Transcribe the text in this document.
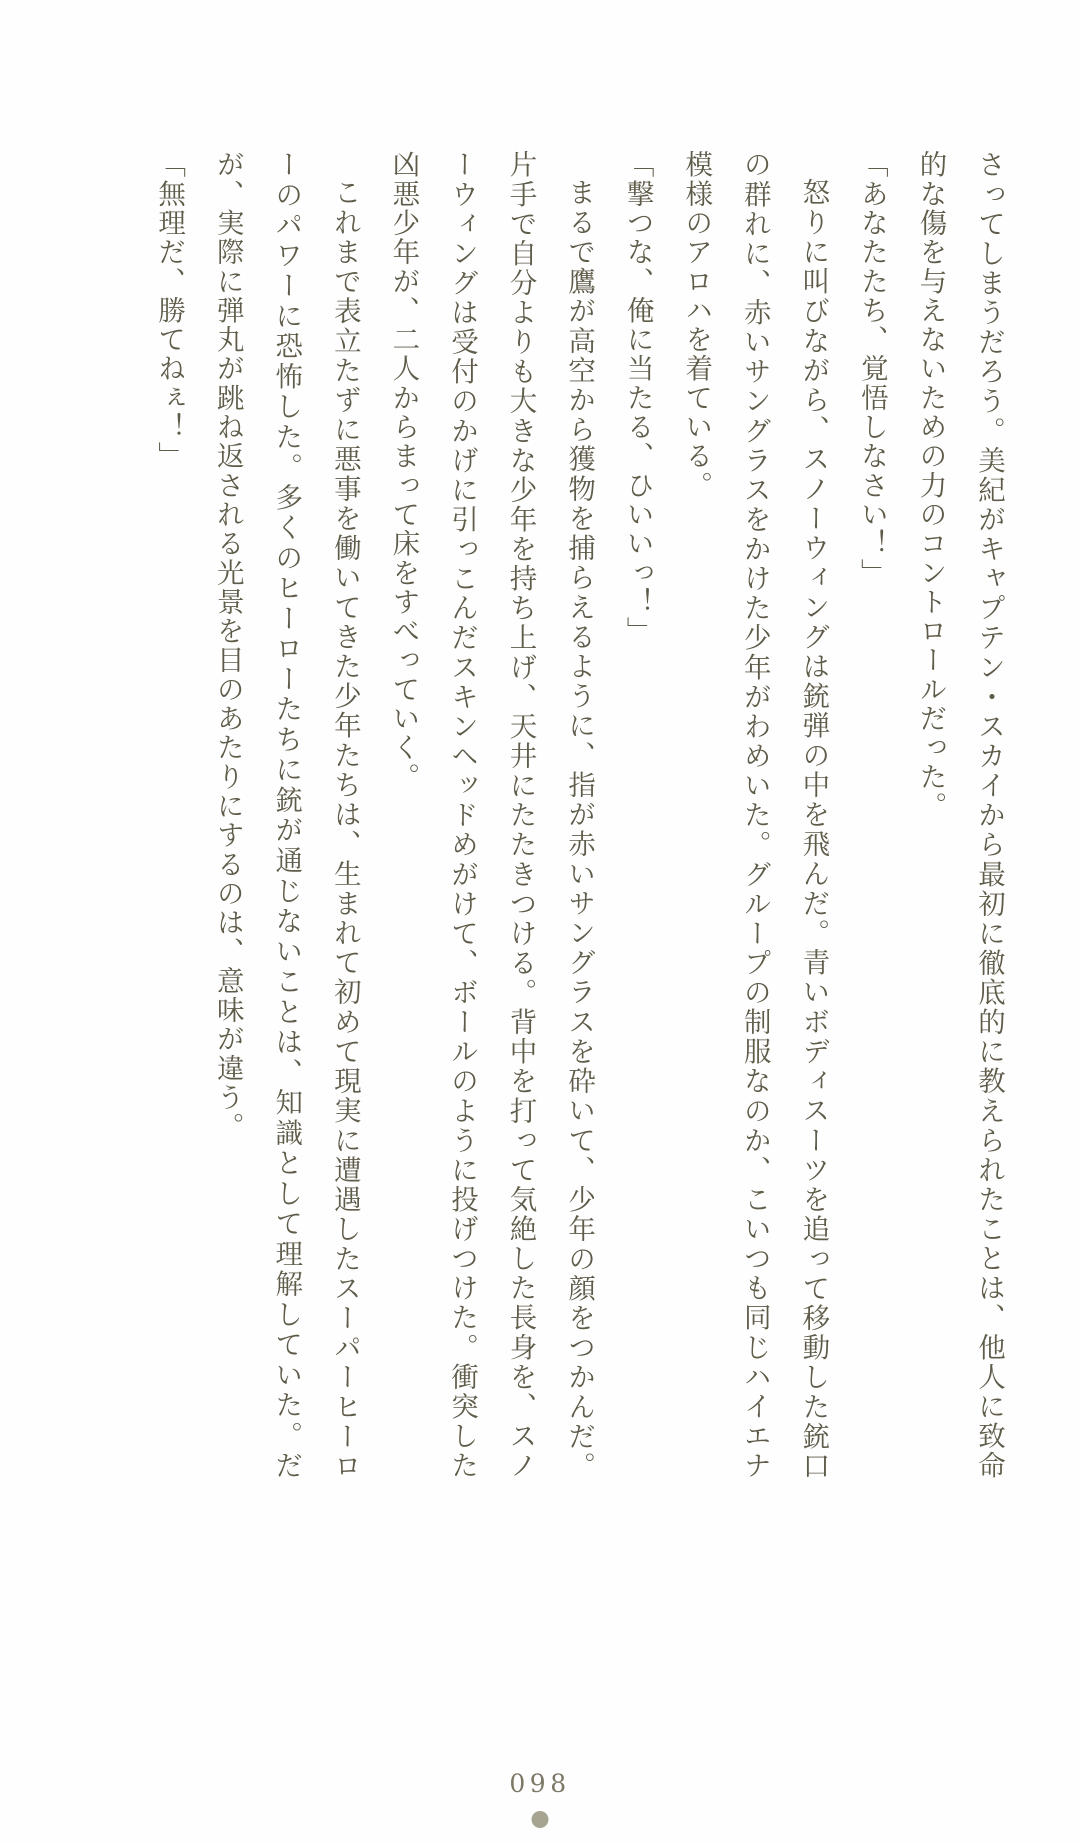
さってしまうだろう。美紀がキャプテン・スカイから最初に徹底的に教えられたことは、他人に致命的な傷を与えないための力のコントロールだった。

「あなたたち、覚悟しなさい！」

怒りに叫びながら、スノーウィングは銃弾の中を飛んだ。青いボディスーツを追って移動した銃口の群れに、赤いサングラスをかけた少年がわめいた。グループの制服なのか、こいつも同じハイエナ模様のアロハを着ている。

「撃つな、俺に当たる、ひいいっ！」

まるで鷹が高空から獲物を捕らえるように、指が赤いサングラスを砕いて、少年の顔をつかんだ。片手で自分よりも大きな少年を持ち上げ、天井にたたきつける。背中を打って気絶した長身を、スノーウィングは受付のかげに引っこんだスキンヘッドめがけて、ボールのように投げつけた。衝突した凶悪少年が、二人からまって床をすべっていく。

これまで表立たずに悪事を働いてきた少年たちは、生まれて初めて現実に遭遇したスーパーヒーローのパワーに恐怖した。多くのヒーローたちに銃が通じないことは、知識として理解していた。だが、実際に弾丸が跳ね返される光景を目のあたりにするのは、意味が違う。

「無理だ、勝てねぇ！」

098
